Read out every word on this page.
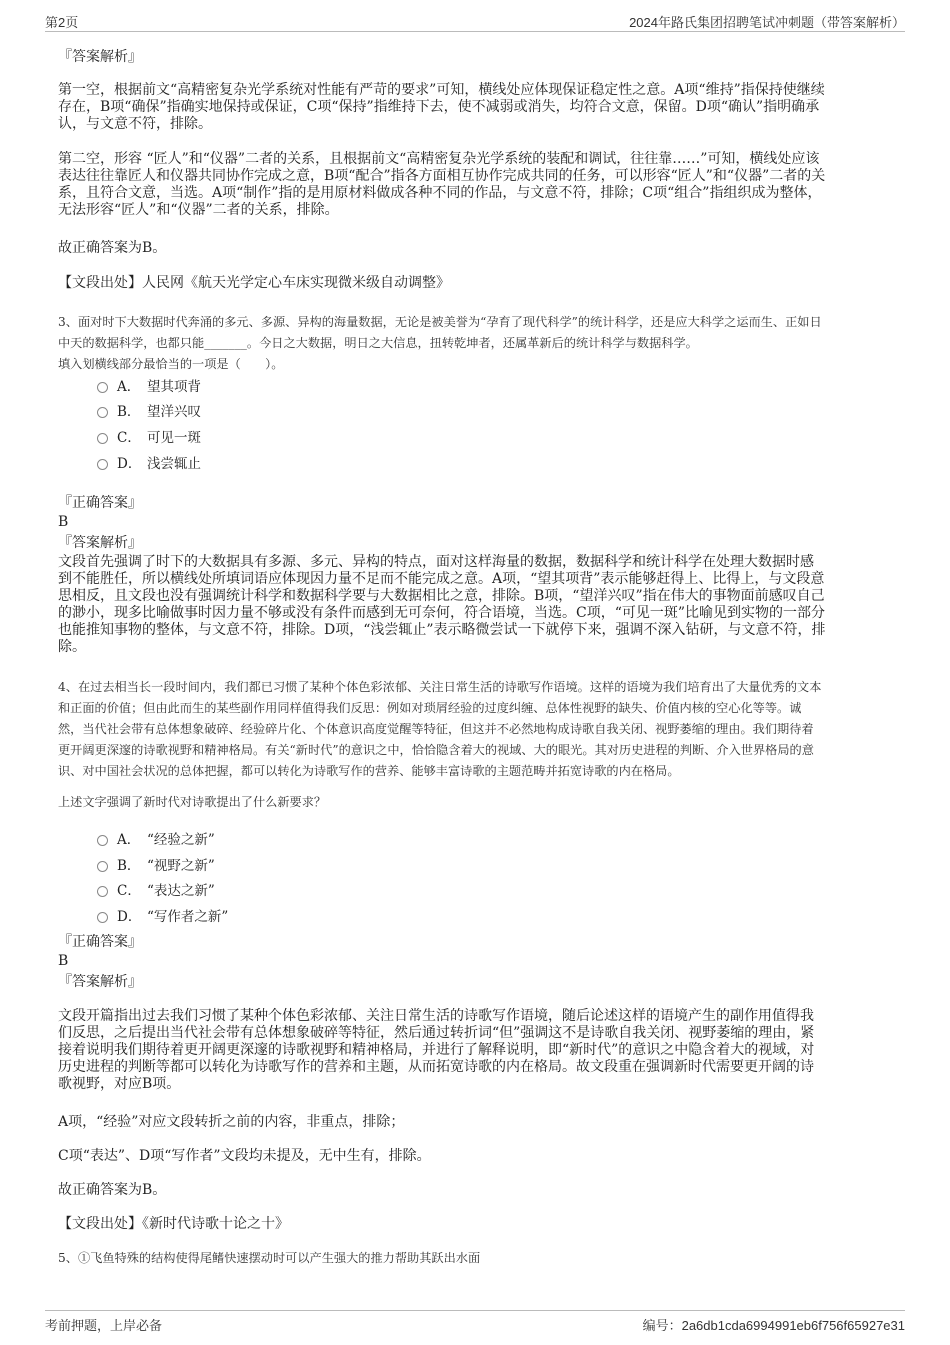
第2页	2024年路氏集团招聘笔试冲刺题（带答案解析）
『答案解析』
第一空，根据前文“高精密复杂光学系统对性能有严苛的要求”可知，横线处应体现保证稳定性之意。A项“维持”指保持使继续
存在，B项“确保”指确实地保持或保证，C项“保持”指维持下去，使不减弱或消失，均符合文意，保留。D项“确认”指明确承
认，与文意不符，排除。
第二空，形容 “匠人”和“仪器”二者的关系，且根据前文“高精密复杂光学系统的装配和调试，往往靠……”可知，横线处应该
表达往往靠匠人和仪器共同协作完成之意，B项“配合”指各方面相互协作完成共同的任务，可以形容“匠人”和“仪器”二者的关
系，且符合文意，当选。A项“制作”指的是用原材料做成各种不同的作品，与文意不符，排除；C项“组合”指组织成为整体，
无法形容“匠人”和“仪器”二者的关系，排除。
故正确答案为B。
【文段出处】人民网《航天光学定心车床实现微米级自动调整》
3、面对时下大数据时代奔涌的多元、多源、异构的海量数据，无论是被美誉为“孕育了现代科学”的统计科学，还是应大科学之运而生、正如日
中天的数据科学，也都只能_______。今日之大数据，明日之大信息，扭转乾坤者，还属革新后的统计科学与数据科学。
填入划横线部分最恰当的一项是（　　）。
A． 望其项背
B． 望洋兴叹
C． 可见一斑
D． 浅尝辄止
『正确答案』
B
『答案解析』
文段首先强调了时下的大数据具有多源、多元、异构的特点，面对这样海量的数据，数据科学和统计科学在处理大数据时感
到不能胜任，所以横线处所填词语应体现因力量不足而不能完成之意。A项，“望其项背”表示能够赶得上、比得上，与文段意
思相反，且文段也没有强调统计科学和数据科学要与大数据相比之意，排除。B项，“望洋兴叹”指在伟大的事物面前感叹自己
的渺小，现多比喻做事时因力量不够或没有条件而感到无可奈何，符合语境，当选。C项，“可见一斑”比喻见到实物的一部分
也能推知事物的整体，与文意不符，排除。D项，“浅尝辄止”表示略微尝试一下就停下来，强调不深入钻研，与文意不符，排
除。
4、在过去相当长一段时间内，我们都已习惯了某种个体色彩浓郁、关注日常生活的诗歌写作语境。这样的语境为我们培育出了大量优秀的文本
和正面的价值；但由此而生的某些副作用同样值得我们反思：例如对琐屑经验的过度纠缠、总体性视野的缺失、价值内核的空心化等等。诚
然，当代社会带有总体想象破碎、经验碎片化、个体意识高度觉醒等特征，但这并不必然地构成诗歌自我关闭、视野萎缩的理由。我们期待着
更开阔更深邃的诗歌视野和精神格局。有关“新时代”的意识之中，恰恰隐含着大的视域、大的眼光。其对历史进程的判断、介入世界格局的意
识、对中国社会状况的总体把握，都可以转化为诗歌写作的营养、能够丰富诗歌的主题范畴并拓宽诗歌的内在格局。
上述文字强调了新时代对诗歌提出了什么新要求？
A． “经验之新”
B． “视野之新”
C． “表达之新”
D． “写作者之新”
『正确答案』
B
『答案解析』
文段开篇指出过去我们习惯了某种个体色彩浓郁、关注日常生活的诗歌写作语境，随后论述这样的语境产生的副作用值得我
们反思，之后提出当代社会带有总体想象破碎等特征，然后通过转折词“但”强调这不是诗歌自我关闭、视野萎缩的理由，紧
接着说明我们期待着更开阔更深邃的诗歌视野和精神格局，并进行了解释说明，即“新时代”的意识之中隐含着大的视域，对
历史进程的判断等都可以转化为诗歌写作的营养和主题，从而拓宽诗歌的内在格局。故文段重在强调新时代需要更开阔的诗
歌视野，对应B项。
A项，“经验”对应文段转折之前的内容，非重点，排除；
C项“表达”、D项“写作者”文段均未提及，无中生有，排除。
故正确答案为B。
【文段出处】《新时代诗歌十论之十》
5、①飞鱼特殊的结构使得尾鳍快速摆动时可以产生强大的推力帮助其跃出水面
考前押题，上岸必备	编号：2a6db1cda6994991eb6f756f65927e31
